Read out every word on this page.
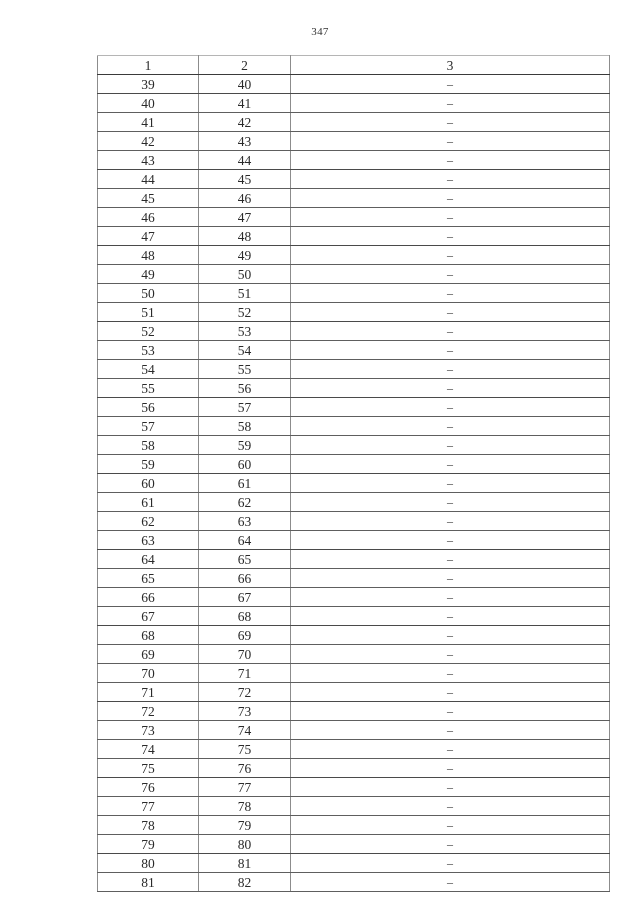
347
1	2	3
39	40	–
40	41	–
41	42	–
42	43	–
43	44	–
44	45	–
45	46	–
46	47	–
47	48	–
48	49	–
49	50	–
50	51	–
51	52	–
52	53	–
53	54	–
54	55	–
55	56	–
56	57	–
57	58	–
58	59	–
59	60	–
60	61	–
61	62	–
62	63	–
63	64	–
64	65	–
65	66	–
66	67	–
67	68	–
68	69	–
69	70	–
70	71	–
71	72	–
72	73	–
73	74	–
74	75	–
75	76	–
76	77	–
77	78	–
78	79	–
79	80	–
80	81	–
81	82	–
